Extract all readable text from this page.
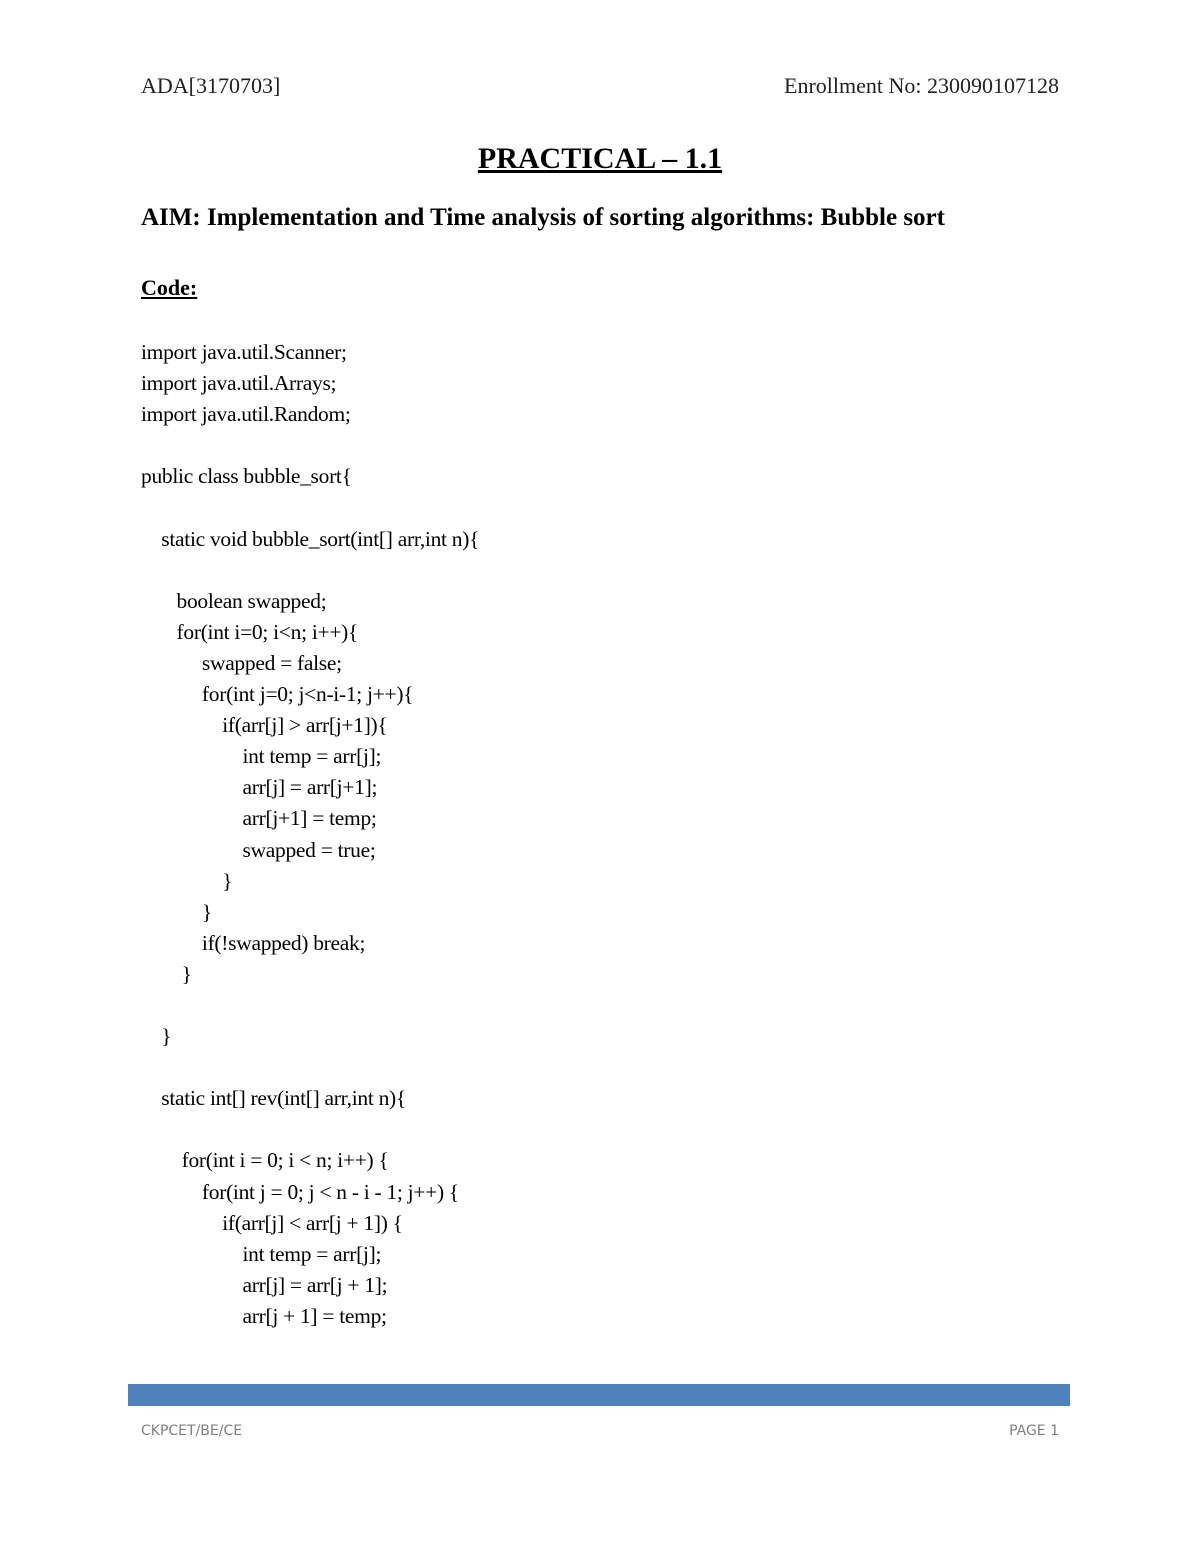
ADA[3170703]	Enrollment No: 230090107128
PRACTICAL – 1.1
AIM: Implementation and Time analysis of sorting algorithms: Bubble sort
Code:
import java.util.Scanner;
import java.util.Arrays;
import java.util.Random;
public class bubble_sort{
static void bubble_sort(int[] arr,int n){
boolean swapped;
for(int i=0; i<n; i++){
swapped = false;
for(int j=0; j<n-i-1; j++){
if(arr[j] > arr[j+1]){
int temp = arr[j];
arr[j] = arr[j+1];
arr[j+1] = temp;
swapped = true;
}
}
if(!swapped) break;
}
}
static int[] rev(int[] arr,int n){
for(int i = 0; i < n; i++) {
for(int j = 0; j < n - i - 1; j++) {
if(arr[j] < arr[j + 1]) {
int temp = arr[j];
arr[j] = arr[j + 1];
arr[j + 1] = temp;
CKPCET/BE/CE	PAGE 1
